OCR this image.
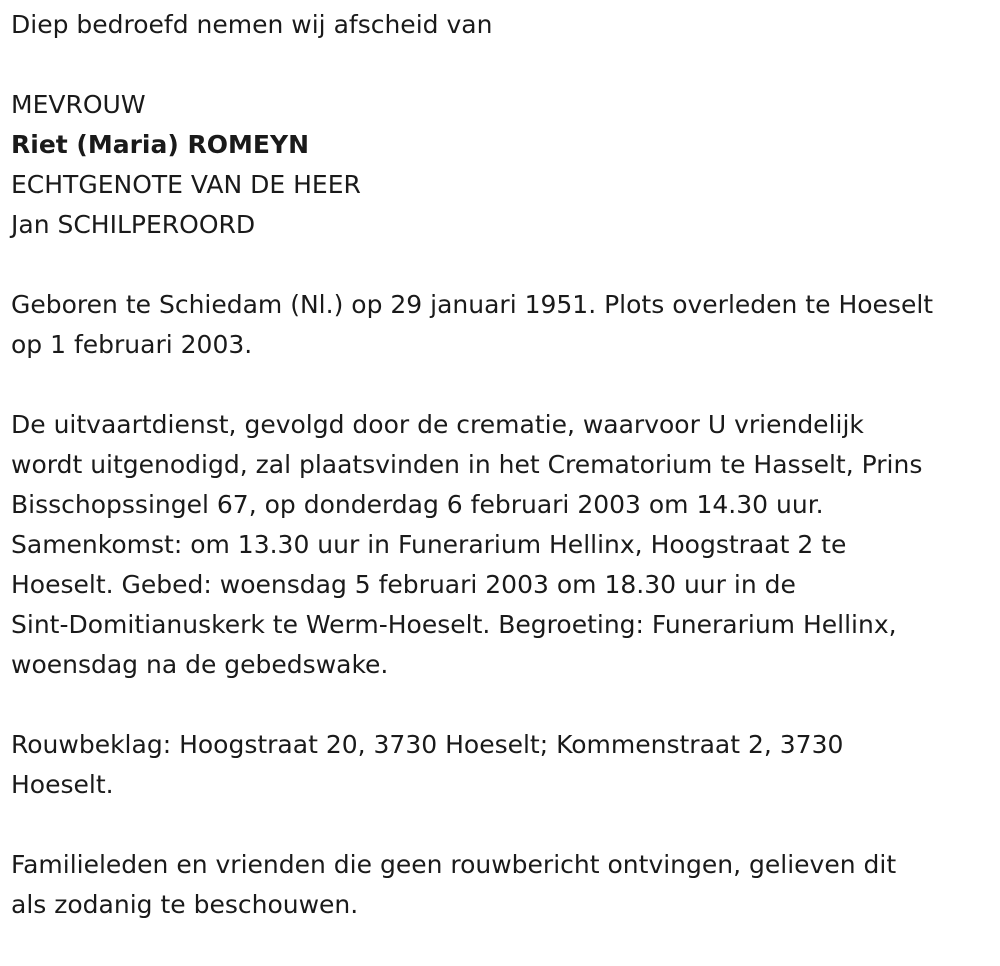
Diep bedroefd nemen wij afscheid van

MEVROUW

Riet (Maria) ROMEYN

ECHTGENOTE VAN DE HEER

Jan SCHILPEROORD

Geboren te Schiedam (Nl.) op 29 januari 1951. Plots overleden te Hoeselt

op 1 februari 2003.

De uitvaartdienst, gevolgd door de crematie, waarvoor U vriendelijk

wordt uitgenodigd, zal plaatsvinden in het Crematorium te Hasselt, Prins

Bisschopssingel 67, op donderdag 6 februari 2003 om 14.30 uur.

Samenkomst: om 13.30 uur in Funerarium Hellinx, Hoogstraat 2 te

Hoeselt. Gebed: woensdag 5 februari 2003 om 18.30 uur in de

Sint-Domitianuskerk te Werm-Hoeselt. Begroeting: Funerarium Hellinx,

woensdag na de gebedswake.

Rouwbeklag: Hoogstraat 20, 3730 Hoeselt; Kommenstraat 2, 3730

Hoeselt.

Familieleden en vrienden die geen rouwbericht ontvingen, gelieven dit

als zodanig te beschouwen.
